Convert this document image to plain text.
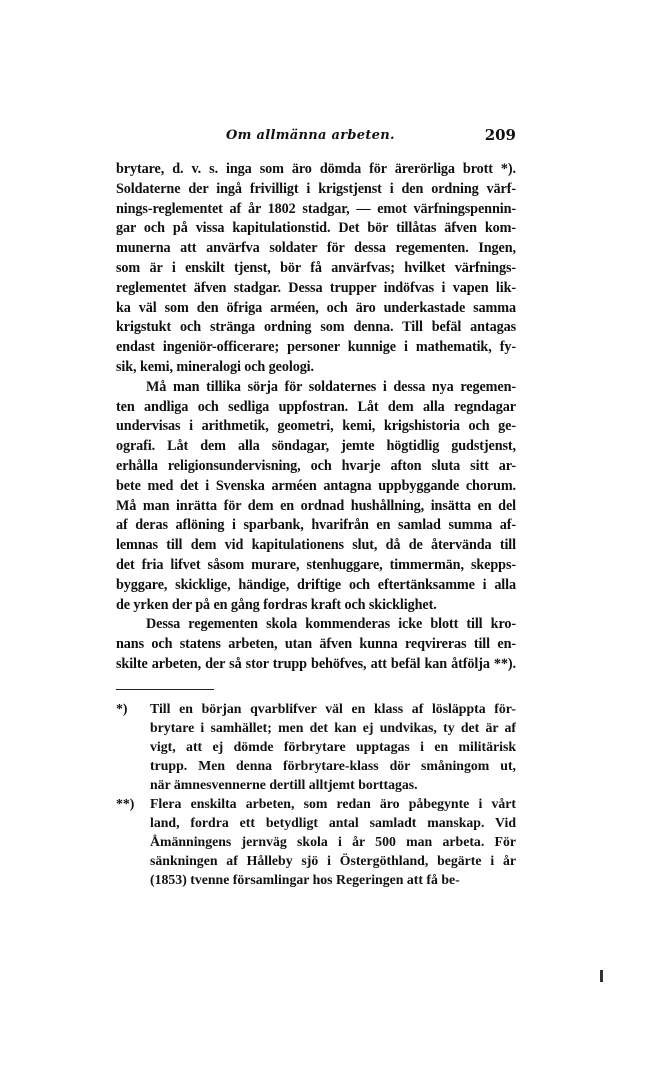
Om allmänna arbeten.	209
brytare, d. v. s. inga som äro dömda för ärerörliga brott *).
Soldaterne der ingå frivilligt i krigstjenst i den ordning värf-
nings-reglementet af år 1802 stadgar, — emot värfningspennin-
gar och på vissa kapitulationstid. Det bör tillåtas äfven kom-
munerna att anvärfva soldater för dessa regementen. Ingen,
som är i enskilt tjenst, bör få anvärfvas; hvilket värfnings-
reglementet äfven stadgar. Dessa trupper indöfvas i vapen lik-
ka väl som den öfriga arméen, och äro underkastade samma
krigstukt och stränga ordning som denna. Till befäl antagas
endast ingeniör-officerare; personer kunnige i mathematik, fy-
sik, kemi, mineralogi och geologi.
Må man tillika sörja för soldaternes i dessa nya regemen-
ten andliga och sedliga uppfostran. Låt dem alla regndagar
undervisas i arithmetik, geometri, kemi, krigshistoria och ge-
ografi. Låt dem alla söndagar, jemte högtidlig gudstjenst,
erhålla religionsundervisning, och hvarje afton sluta sitt ar-
bete med det i Svenska arméen antagna uppbyggande chorum.
Må man inrätta för dem en ordnad hushållning, insätta en del
af deras aflöning i sparbank, hvarifrån en samlad summa af-
lemnas till dem vid kapitulationens slut, då de återvända till
det fria lifvet såsom murare, stenhuggare, timmermän, skepps-
byggare, skicklige, händige, driftige och eftertänksamme i alla
de yrken der på en gång fordras kraft och skicklighet.
Dessa regementen skola kommenderas icke blott till kro-
nans och statens arbeten, utan äfven kunna reqvireras till en-
skilte arbeten, der så stor trupp behöfves, att befäl kan åtfölja **).
*)	Till en början qvarblifver väl en klass af lösläppta för-
brytare i samhället; men det kan ej undvikas, ty det är af
vigt, att ej dömde förbrytare upptagas i en militärisk
trupp. Men denna förbrytare-klass dör småningom ut,
när ämnesvennerne dertill alltjemt borttagas.
**)	Flera enskilta arbeten, som redan äro påbegynte i vårt
land, fordra ett betydligt antal samladt manskap. Vid
Åmänningens jernväg skola i år 500 man arbeta. För
sänkningen af Hålleby sjö i Östergöthland, begärte i år
(1853) tvenne församlingar hos Regeringen att få be-
